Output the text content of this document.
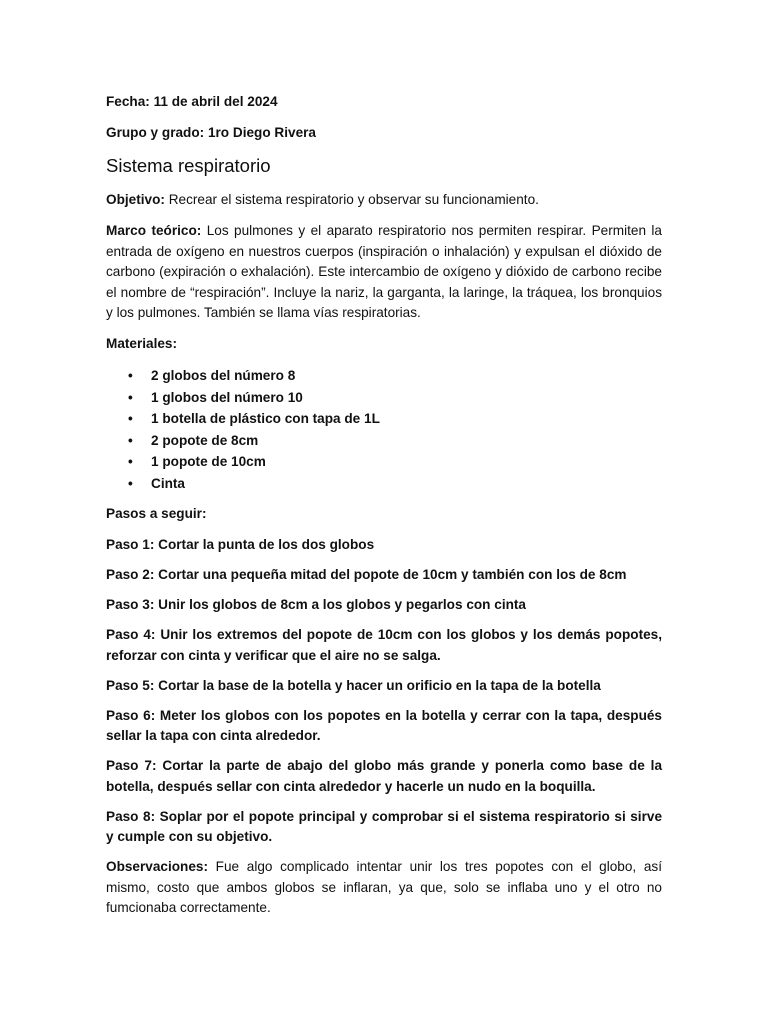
Fecha: 11 de abril del 2024

Grupo y grado: 1ro Diego Rivera

Sistema respiratorio

Objetivo: Recrear el sistema respiratorio y observar su funcionamiento.

Marco teórico: Los pulmones y el aparato respiratorio nos permiten respirar. Permiten la entrada de oxígeno en nuestros cuerpos (inspiración o inhalación) y expulsan el dióxido de carbono (expiración o exhalación). Este intercambio de oxígeno y dióxido de carbono recibe el nombre de “respiración”. Incluye la nariz, la garganta, la laringe, la tráquea, los bronquios y los pulmones. También se llama vías respiratorias.

Materiales:

• 2 globos del número 8
• 1 globos del número 10
• 1 botella de plástico con tapa de 1L
• 2 popote de 8cm
• 1 popote de 10cm
• Cinta

Pasos a seguir:

Paso 1: Cortar la punta de los dos globos

Paso 2: Cortar una pequeña mitad del popote de 10cm y también con los de 8cm

Paso 3: Unir los globos de 8cm a los globos y pegarlos con cinta

Paso 4: Unir los extremos del popote de 10cm con los globos y los demás popotes, reforzar con cinta y verificar que el aire no se salga.

Paso 5: Cortar la base de la botella y hacer un orificio en la tapa de la botella

Paso 6: Meter los globos con los popotes en la botella y cerrar con la tapa, después sellar la tapa con cinta alrededor.

Paso 7: Cortar la parte de abajo del globo más grande y ponerla como base de la botella, después sellar con cinta alrededor y hacerle un nudo en la boquilla.

Paso 8: Soplar por el popote principal y comprobar si el sistema respiratorio si sirve y cumple con su objetivo.

Observaciones: Fue algo complicado intentar unir los tres popotes con el globo, así mismo, costo que ambos globos se inflaran, ya que, solo se inflaba uno y el otro no fumcionaba correctamente.
